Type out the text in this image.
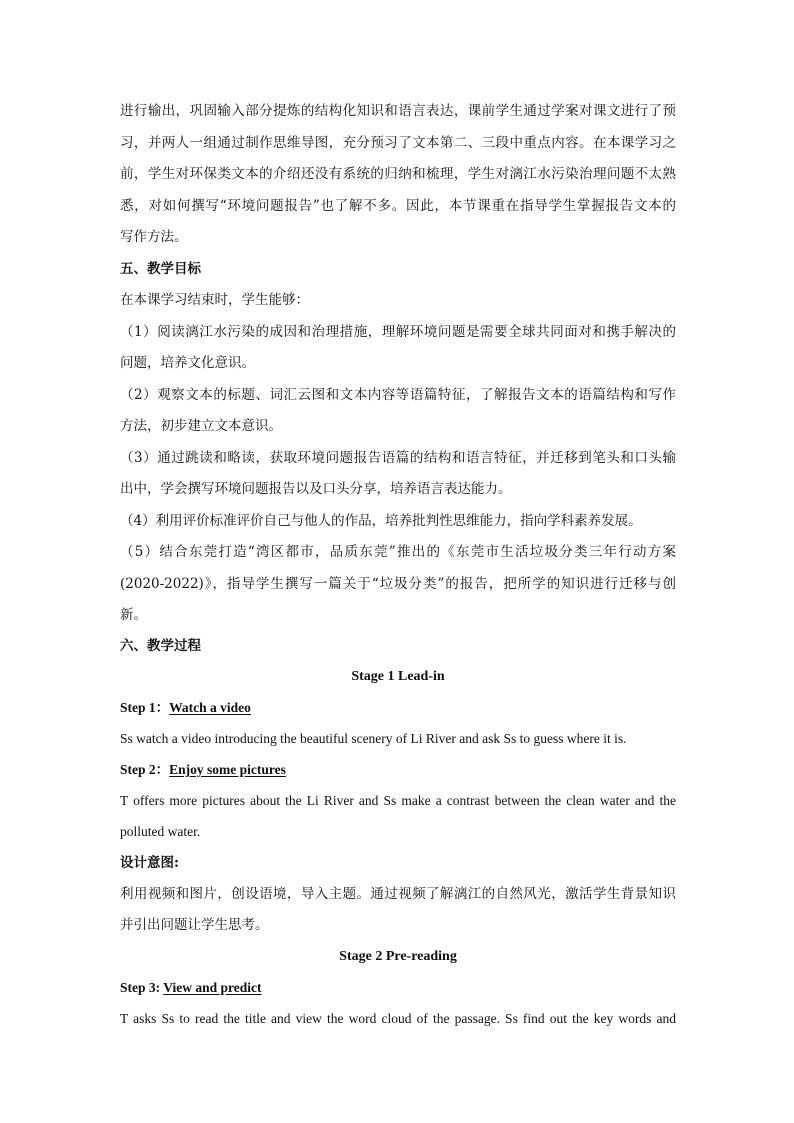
进行输出，巩固输入部分提炼的结构化知识和语言表达，课前学生通过学案对课文进行了预
习，并两人一组通过制作思维导图，充分预习了文本第二、三段中重点内容。在本课学习之
前，学生对环保类文本的介绍还没有系统的归纳和梳理，学生对漓江水污染治理问题不太熟
悉，对如何撰写“环境问题报告”也了解不多。因此，本节课重在指导学生掌握报告文本的
写作方法。
五、教学目标
在本课学习结束时，学生能够：
（1）阅读漓江水污染的成因和治理措施，理解环境问题是需要全球共同面对和携手解决的
问题，培养文化意识。
（2）观察文本的标题、词汇云图和文本内容等语篇特征，了解报告文本的语篇结构和写作
方法，初步建立文本意识。
（3）通过跳读和略读，获取环境问题报告语篇的结构和语言特征，并迁移到笔头和口头输
出中，学会撰写环境问题报告以及口头分享，培养语言表达能力。
（4）利用评价标准评价自己与他人的作品，培养批判性思维能力，指向学科素养发展。
（5）结合东莞打造“湾区都市，品质东莞”推出的《东莞市生活垃圾分类三年行动方案
(2020-2022)》，指导学生撰写一篇关于“垃圾分类”的报告，把所学的知识进行迁移与创
新。
六、教学过程
Stage 1 Lead-in
Step 1：Watch a video
Ss watch a video introducing the beautiful scenery of Li River and ask Ss to guess where it is.
Step 2：Enjoy some pictures
T offers more pictures about the Li River and Ss make a contrast between the clean water and the
polluted water.
设计意图:
利用视频和图片，创设语境，导入主题。通过视频了解漓江的自然风光，激活学生背景知识
并引出问题让学生思考。
Stage 2 Pre-reading
Step 3: View and predict
T asks Ss to read the title and view the word cloud of the passage. Ss find out the key words and
